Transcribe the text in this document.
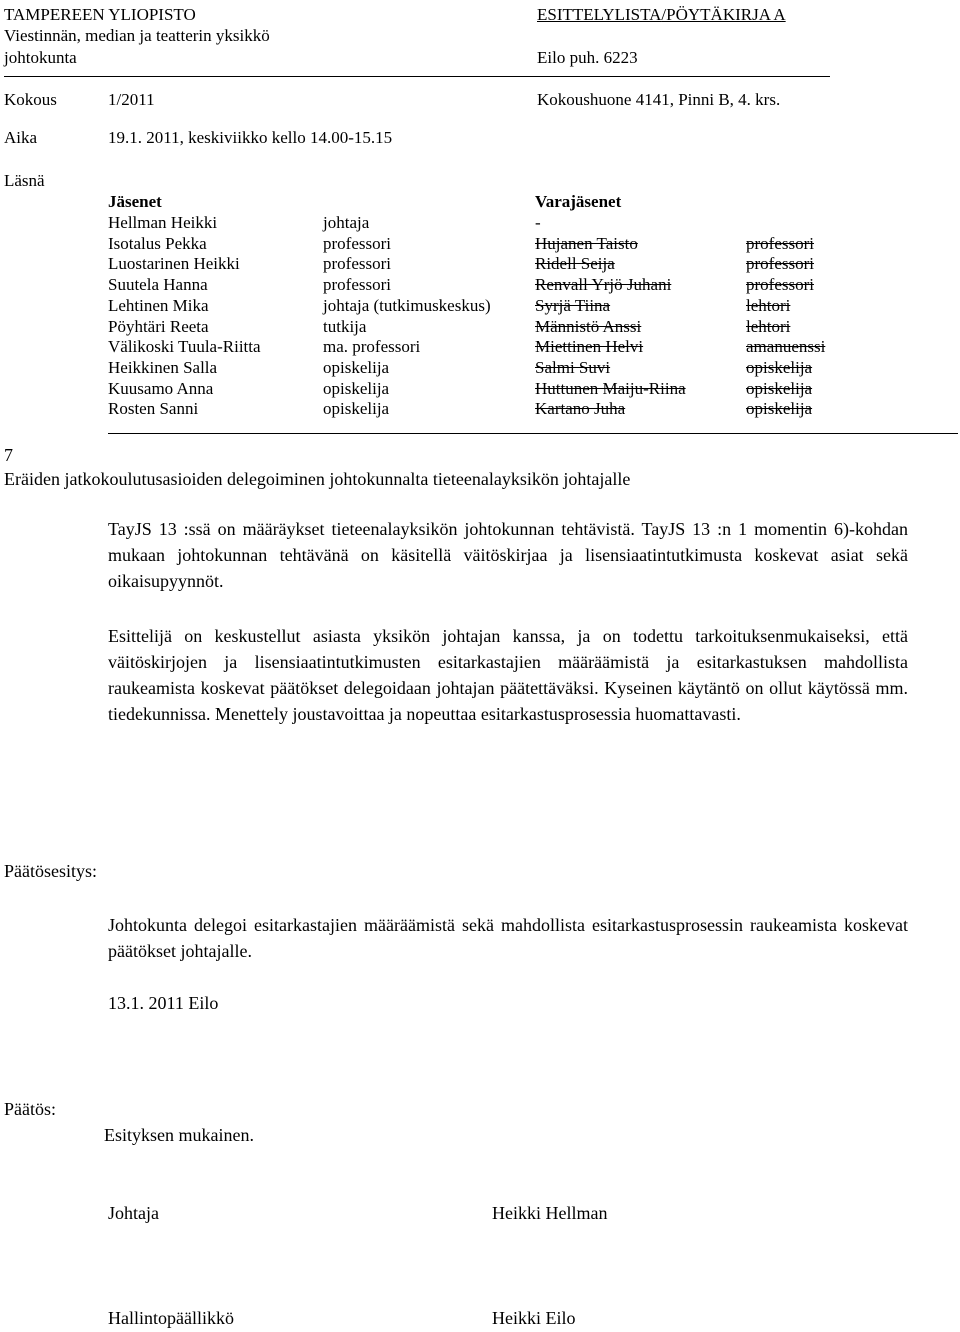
TAMPEREEN YLIOPISTO
Viestinnän, median ja teatterin yksikkö
johtokunta
ESITTELYLISTA/PÖYTÄKIRJA A
Eilo puh. 6223
Kokous	1/2011	Kokoushuone 4141, Pinni B, 4. krs.
Aika	19.1. 2011, keskiviikko kello 14.00-15.15
Läsnä
Jäsenet	Varajäsenet
Hellman Heikki	johtaja	-
Isotalus Pekka	professori	Hujanen Taisto	professori
Luostarinen Heikki	professori	Ridell Seija	professori
Suutela Hanna	professori	Renvall Yrjö Juhani	professori
Lehtinen Mika	johtaja (tutkimuskeskus)	Syrjä Tiina	lehtori
Pöyhtäri Reeta	tutkija	Männistö Anssi	lehtori
Välikoski Tuula-Riitta	ma. professori	Miettinen Helvi	amanuenssi
Heikkinen Salla	opiskelija	Salmi Suvi	opiskelija
Kuusamo Anna	opiskelija	Huttunen Maiju-Riina	opiskelija
Rosten Sanni	opiskelija	Kartano Juha	opiskelija
7
Eräiden jatkokoulutusasioiden delegoiminen johtokunnalta tieteenalayksikön johtajalle
TayJS 13 :ssä on määräykset tieteenalayksikön johtokunnan tehtävistä. TayJS 13 :n 1 momentin 6)-kohdan mukaan johtokunnan tehtävänä on käsitellä väitöskirjaa ja lisensiaatintutkimusta koskevat asiat sekä oikaisupyynnöt.
Esittelijä on keskustellut asiasta yksikön johtajan kanssa, ja on todettu tarkoituksenmukaiseksi, että väitöskirjojen ja lisensiaatintutkimusten esitarkastajien määräämistä ja esitarkastuksen mahdollista raukeamista koskevat päätökset delegoidaan johtajan päätettäväksi. Kyseinen käytäntö on ollut käytössä mm. tiedekunnissa. Menettely joustavoittaa ja nopeuttaa esitarkastusprosessia huomattavasti.
Päätösesitys:
Johtokunta delegoi esitarkastajien määräämistä sekä mahdollista esitarkastusprosessin raukeamista koskevat päätökset johtajalle.
13.1. 2011 Eilo
Päätös:
Esityksen mukainen.
Johtaja	Heikki Hellman
Hallintopäällikkö	Heikki Eilo
